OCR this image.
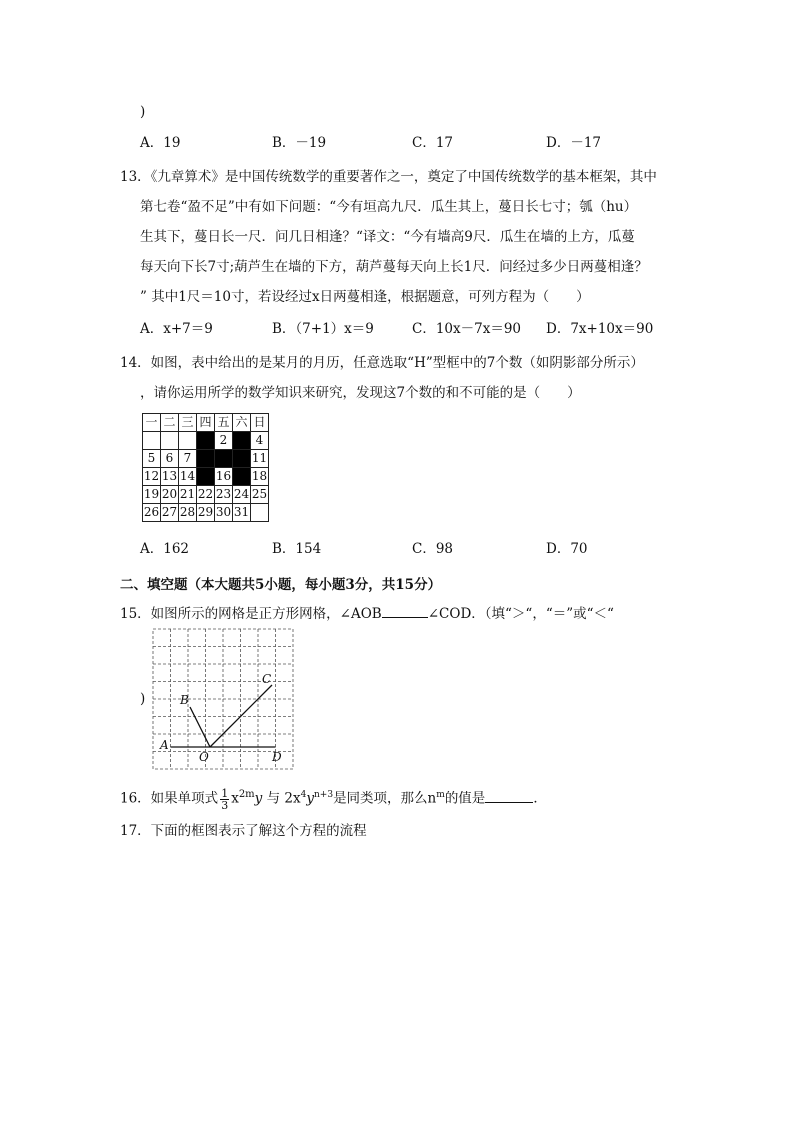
)
A．19	B．－19	C．17	D．－17
13．《九章算术》是中国传统数学的重要著作之一，奠定了中国传统数学的基本框架，其中
第七卷“盈不足”中有如下问题：“今有垣高九尺．瓜生其上，蔓日长七寸；瓠（hu）
生其下，蔓日长一尺．问几日相逢？“译文：“今有墙高9尺．瓜生在墙的上方，瓜蔓
每天向下长7寸;葫芦生在墙的下方，葫芦蔓每天向上长1尺．问经过多少日两蔓相逢？
” 其中1尺＝10寸，若设经过x日两蔓相逢，根据题意，可列方程为（　　）
A．x+7＝9	B．（7+1）x＝9	C．10x－7x＝90 D．7x+10x＝90
14．如图，表中给出的是某月的月历，任意选取“H”型框中的7个数（如阴影部分所示）
，请你运用所学的数学知识来研究，发现这7个数的和不可能的是（　　）
一	二	三	四	五	六	日
				2		4
5	6	7				11
12	13	14		16		18
19	20	21	22	23	24	25
26	27	28	29	30	31	
A．162	B．154	C．98	D．70
二、填空题（本大题共5小题，每小题3分，共15分）
15．如图所示的网格是正方形网格，∠AOB	∠COD．（填“＞“，“＝”或“＜“
)
A
B
C
D
O
16．如果单项式 $\frac{1}{3} x^{2m}y$ 与 $2x^4y^{n+3}$是同类项，那么$n^m$的值是	．
17．下面的框图表示了解这个方程的流程
